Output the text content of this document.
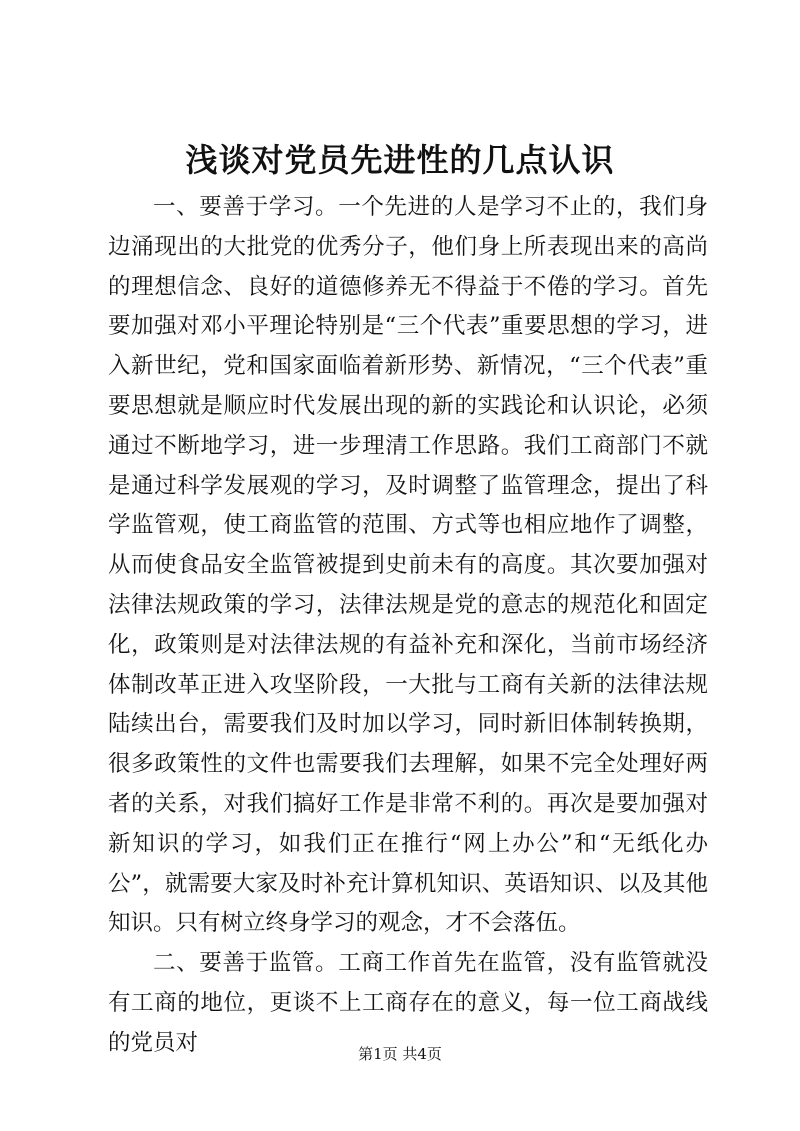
浅谈对党员先进性的几点认识

一、要善于学习。一个先进的人是学习不止的，我们身边涌现出的大批党的优秀分子，他们身上所表现出来的高尚的理想信念、良好的道德修养无不得益于不倦的学习。首先要加强对邓小平理论特别是“三个代表”重要思想的学习，进入新世纪，党和国家面临着新形势、新情况，“三个代表”重要思想就是顺应时代发展出现的新的实践论和认识论，必须通过不断地学习，进一步理清工作思路。我们工商部门不就是通过科学发展观的学习，及时调整了监管理念，提出了科学监管观，使工商监管的范围、方式等也相应地作了调整，从而使食品安全监管被提到史前未有的高度。其次要加强对法律法规政策的学习，法律法规是党的意志的规范化和固定化，政策则是对法律法规的有益补充和深化，当前市场经济体制改革正进入攻坚阶段，一大批与工商有关新的法律法规陆续出台，需要我们及时加以学习，同时新旧体制转换期，很多政策性的文件也需要我们去理解，如果不完全处理好两者的关系，对我们搞好工作是非常不利的。再次是要加强对新知识的学习，如我们正在推行“网上办公”和“无纸化办公”，就需要大家及时补充计算机知识、英语知识、以及其他知识。只有树立终身学习的观念，才不会落伍。

二、要善于监管。工商工作首先在监管，没有监管就没有工商的地位，更谈不上工商存在的意义，每一位工商战线的党员对	第1页 共4页
